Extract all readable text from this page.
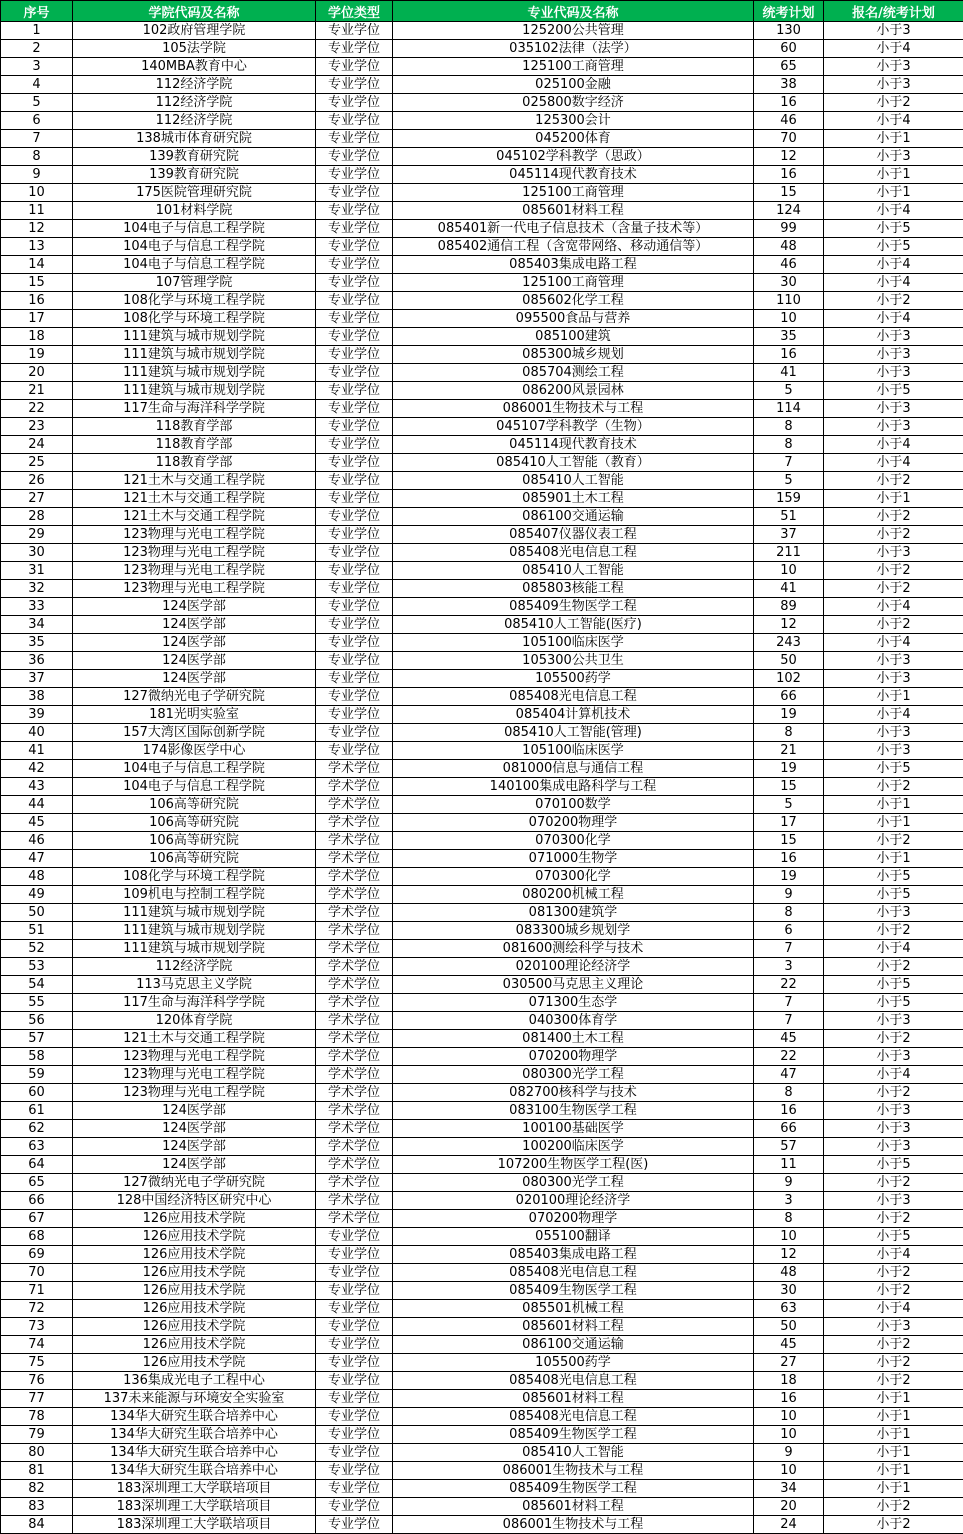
序号	学院代码及名称	学位类型	专业代码及名称	统考计划	报名/统考计划
1	102政府管理学院	专业学位	125200公共管理	130	小于3
2	105法学院	专业学位	035102法律（法学）	60	小于4
3	140MBA教育中心	专业学位	125100工商管理	65	小于3
4	112经济学院	专业学位	025100金融	38	小于3
5	112经济学院	专业学位	025800数字经济	16	小于2
6	112经济学院	专业学位	125300会计	46	小于4
7	138城市体育研究院	专业学位	045200体育	70	小于1
8	139教育研究院	专业学位	045102学科教学（思政）	12	小于3
9	139教育研究院	专业学位	045114现代教育技术	16	小于1
10	175医院管理研究院	专业学位	125100工商管理	15	小于1
11	101材料学院	专业学位	085601材料工程	124	小于4
12	104电子与信息工程学院	专业学位	085401新一代电子信息技术（含量子技术等）	99	小于5
13	104电子与信息工程学院	专业学位	085402通信工程（含宽带网络、移动通信等）	48	小于5
14	104电子与信息工程学院	专业学位	085403集成电路工程	46	小于4
15	107管理学院	专业学位	125100工商管理	30	小于4
16	108化学与环境工程学院	专业学位	085602化学工程	110	小于2
17	108化学与环境工程学院	专业学位	095500食品与营养	10	小于4
18	111建筑与城市规划学院	专业学位	085100建筑	35	小于3
19	111建筑与城市规划学院	专业学位	085300城乡规划	16	小于3
20	111建筑与城市规划学院	专业学位	085704测绘工程	41	小于3
21	111建筑与城市规划学院	专业学位	086200风景园林	5	小于5
22	117生命与海洋科学学院	专业学位	086001生物技术与工程	114	小于3
23	118教育学部	专业学位	045107学科教学（生物）	8	小于3
24	118教育学部	专业学位	045114现代教育技术	8	小于4
25	118教育学部	专业学位	085410人工智能（教育）	7	小于4
26	121土木与交通工程学院	专业学位	085410人工智能	5	小于2
27	121土木与交通工程学院	专业学位	085901土木工程	159	小于1
28	121土木与交通工程学院	专业学位	086100交通运输	51	小于2
29	123物理与光电工程学院	专业学位	085407仪器仪表工程	37	小于2
30	123物理与光电工程学院	专业学位	085408光电信息工程	211	小于3
31	123物理与光电工程学院	专业学位	085410人工智能	10	小于2
32	123物理与光电工程学院	专业学位	085803核能工程	41	小于2
33	124医学部	专业学位	085409生物医学工程	89	小于4
34	124医学部	专业学位	085410人工智能(医疗)	12	小于2
35	124医学部	专业学位	105100临床医学	243	小于4
36	124医学部	专业学位	105300公共卫生	50	小于3
37	124医学部	专业学位	105500药学	102	小于3
38	127微纳光电子学研究院	专业学位	085408光电信息工程	66	小于1
39	181光明实验室	专业学位	085404计算机技术	19	小于4
40	157大湾区国际创新学院	专业学位	085410人工智能(管理)	8	小于3
41	174影像医学中心	专业学位	105100临床医学	21	小于3
42	104电子与信息工程学院	学术学位	081000信息与通信工程	19	小于5
43	104电子与信息工程学院	学术学位	140100集成电路科学与工程	15	小于2
44	106高等研究院	学术学位	070100数学	5	小于1
45	106高等研究院	学术学位	070200物理学	17	小于1
46	106高等研究院	学术学位	070300化学	15	小于2
47	106高等研究院	学术学位	071000生物学	16	小于1
48	108化学与环境工程学院	学术学位	070300化学	19	小于5
49	109机电与控制工程学院	学术学位	080200机械工程	9	小于5
50	111建筑与城市规划学院	学术学位	081300建筑学	8	小于3
51	111建筑与城市规划学院	学术学位	083300城乡规划学	6	小于2
52	111建筑与城市规划学院	学术学位	081600测绘科学与技术	7	小于4
53	112经济学院	学术学位	020100理论经济学	3	小于2
54	113马克思主义学院	学术学位	030500马克思主义理论	22	小于5
55	117生命与海洋科学学院	学术学位	071300生态学	7	小于5
56	120体育学院	学术学位	040300体育学	7	小于3
57	121土木与交通工程学院	学术学位	081400土木工程	45	小于2
58	123物理与光电工程学院	学术学位	070200物理学	22	小于3
59	123物理与光电工程学院	学术学位	080300光学工程	47	小于4
60	123物理与光电工程学院	学术学位	082700核科学与技术	8	小于2
61	124医学部	学术学位	083100生物医学工程	16	小于3
62	124医学部	学术学位	100100基础医学	66	小于3
63	124医学部	学术学位	100200临床医学	57	小于3
64	124医学部	学术学位	107200生物医学工程(医)	11	小于5
65	127微纳光电子学研究院	学术学位	080300光学工程	9	小于2
66	128中国经济特区研究中心	学术学位	020100理论经济学	3	小于3
67	126应用技术学院	学术学位	070200物理学	8	小于2
68	126应用技术学院	专业学位	055100翻译	10	小于5
69	126应用技术学院	专业学位	085403集成电路工程	12	小于4
70	126应用技术学院	专业学位	085408光电信息工程	48	小于2
71	126应用技术学院	专业学位	085409生物医学工程	30	小于2
72	126应用技术学院	专业学位	085501机械工程	63	小于4
73	126应用技术学院	专业学位	085601材料工程	50	小于3
74	126应用技术学院	专业学位	086100交通运输	45	小于2
75	126应用技术学院	专业学位	105500药学	27	小于2
76	136集成光电子工程中心	专业学位	085408光电信息工程	18	小于2
77	137未来能源与环境安全实验室	专业学位	085601材料工程	16	小于1
78	134华大研究生联合培养中心	专业学位	085408光电信息工程	10	小于1
79	134华大研究生联合培养中心	专业学位	085409生物医学工程	10	小于1
80	134华大研究生联合培养中心	专业学位	085410人工智能	9	小于1
81	134华大研究生联合培养中心	专业学位	086001生物技术与工程	10	小于1
82	183深圳理工大学联培项目	专业学位	085409生物医学工程	34	小于1
83	183深圳理工大学联培项目	专业学位	085601材料工程	20	小于2
84	183深圳理工大学联培项目	专业学位	086001生物技术与工程	24	小于2
